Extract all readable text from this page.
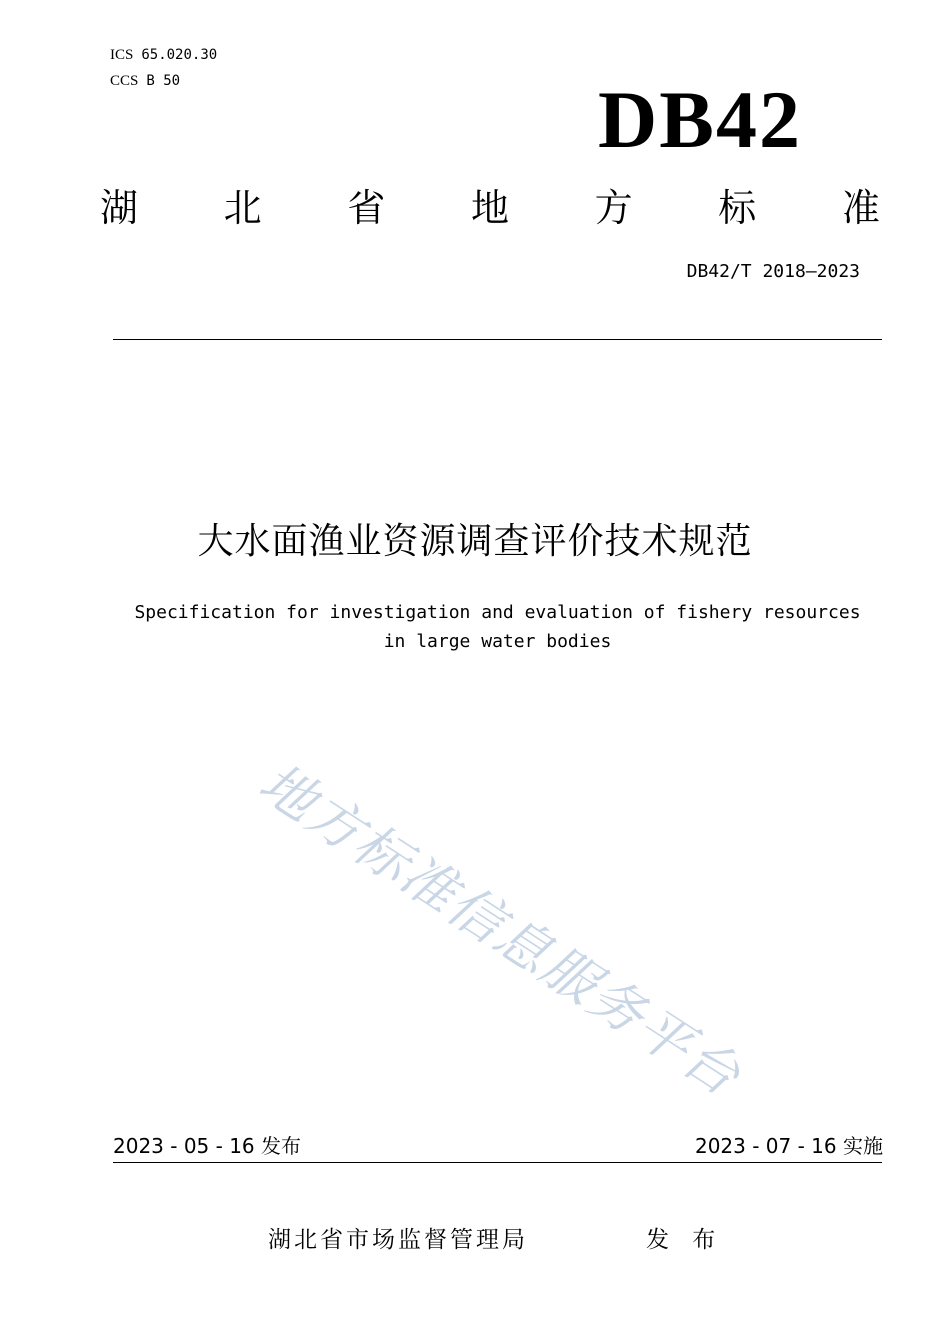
ICS 65.020.30
CCS B 50	DB42
湖 北 省 地 方 标 准
DB42/T 2018—2023
大水面渔业资源调查评价技术规范
Specification for investigation and evaluation of fishery resources
in large water bodies
地方标准信息服务平台
2023 - 05 - 16 发布	2023 - 07 - 16 实施
湖北省市场监督管理局	发 布
